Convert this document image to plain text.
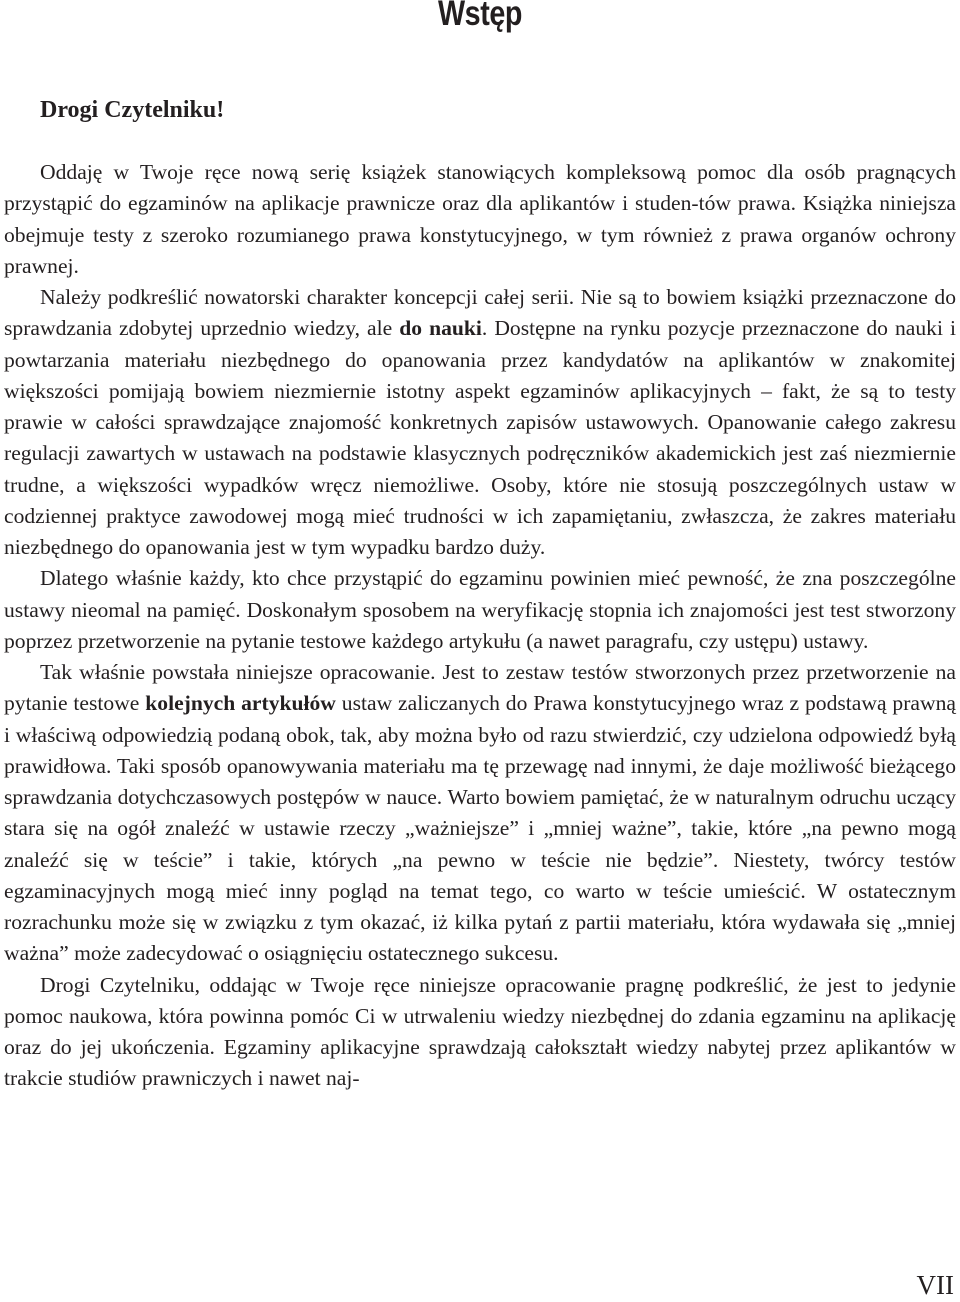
Wstęp
Drogi Czytelniku!

Oddaję w Twoje ręce nową serię książek stanowiących kompleksową pomoc dla osób pragnących przystąpić do egzaminów na aplikacje prawnicze oraz dla aplikantów i studen-tów prawa. Książka niniejsza obejmuje testy z szeroko rozumianego prawa konstytucyjnego, w tym również z prawa organów ochrony prawnej.

Należy podkreślić nowatorski charakter koncepcji całej serii. Nie są to bowiem książki przeznaczone do sprawdzania zdobytej uprzednio wiedzy, ale do nauki. Dostępne na rynku pozycje przeznaczone do nauki i powtarzania materiału niezbędnego do opanowania przez kandydatów na aplikantów w znakomitej większości pomijają bowiem niezmiernie istotny aspekt egzaminów aplikacyjnych – fakt, że są to testy prawie w całości sprawdzające znajomość konkretnych zapisów ustawowych. Opanowanie całego zakresu regulacji zawartych w ustawach na podstawie klasycznych podręczników akademickich jest zaś niezmiernie trudne, a większości wypadków wręcz niemożliwe. Osoby, które nie stosują poszczególnych ustaw w codziennej praktyce zawodowej mogą mieć trudności w ich zapamiętaniu, zwłaszcza, że zakres materiału niezbędnego do opanowania jest w tym wypadku bardzo duży.

Dlatego właśnie każdy, kto chce przystąpić do egzaminu powinien mieć pewność, że zna poszczególne ustawy nieomal na pamięć. Doskonałym sposobem na weryfikację stopnia ich znajomości jest test stworzony poprzez przetworzenie na pytanie testowe każdego artykułu (a nawet paragrafu, czy ustępu) ustawy.

Tak właśnie powstała niniejsze opracowanie. Jest to zestaw testów stworzonych przez przetworzenie na pytanie testowe kolejnych artykułów ustaw zaliczanych do Prawa konstytucyjnego wraz z podstawą prawną i właściwą odpowiedzią podaną obok, tak, aby można było od razu stwierdzić, czy udzielona odpowiedź byłą prawidłowa. Taki sposób opanowywania materiału ma tę przewagę nad innymi, że daje możliwość bieżącego sprawdzania dotychczasowych postępów w nauce. Warto bowiem pamiętać, że w naturalnym odruchu uczący stara się na ogół znaleźć w ustawie rzeczy „ważniejsze” i „mniej ważne”, takie, które „na pewno mogą znaleźć się w teście” i takie, których „na pewno w teście nie będzie”. Niestety, twórcy testów egzaminacyjnych mogą mieć inny pogląd na temat tego, co warto w teście umieścić. W ostatecznym rozrachunku może się w związku z tym okazać, iż kilka pytań z partii materiału, która wydawała się „mniej ważna” może zadecydować o osiągnięciu ostatecznego sukcesu.

Drogi Czytelniku, oddając w Twoje ręce niniejsze opracowanie pragnę podkreślić, że jest to jedynie pomoc naukowa, która powinna pomóc Ci w utrwaleniu wiedzy niezbędnej do zdania egzaminu na aplikację oraz do jej ukończenia. Egzaminy aplikacyjne sprawdzają całokształt wiedzy nabytej przez aplikantów w trakcie studiów prawniczych i nawet naj-

VII
